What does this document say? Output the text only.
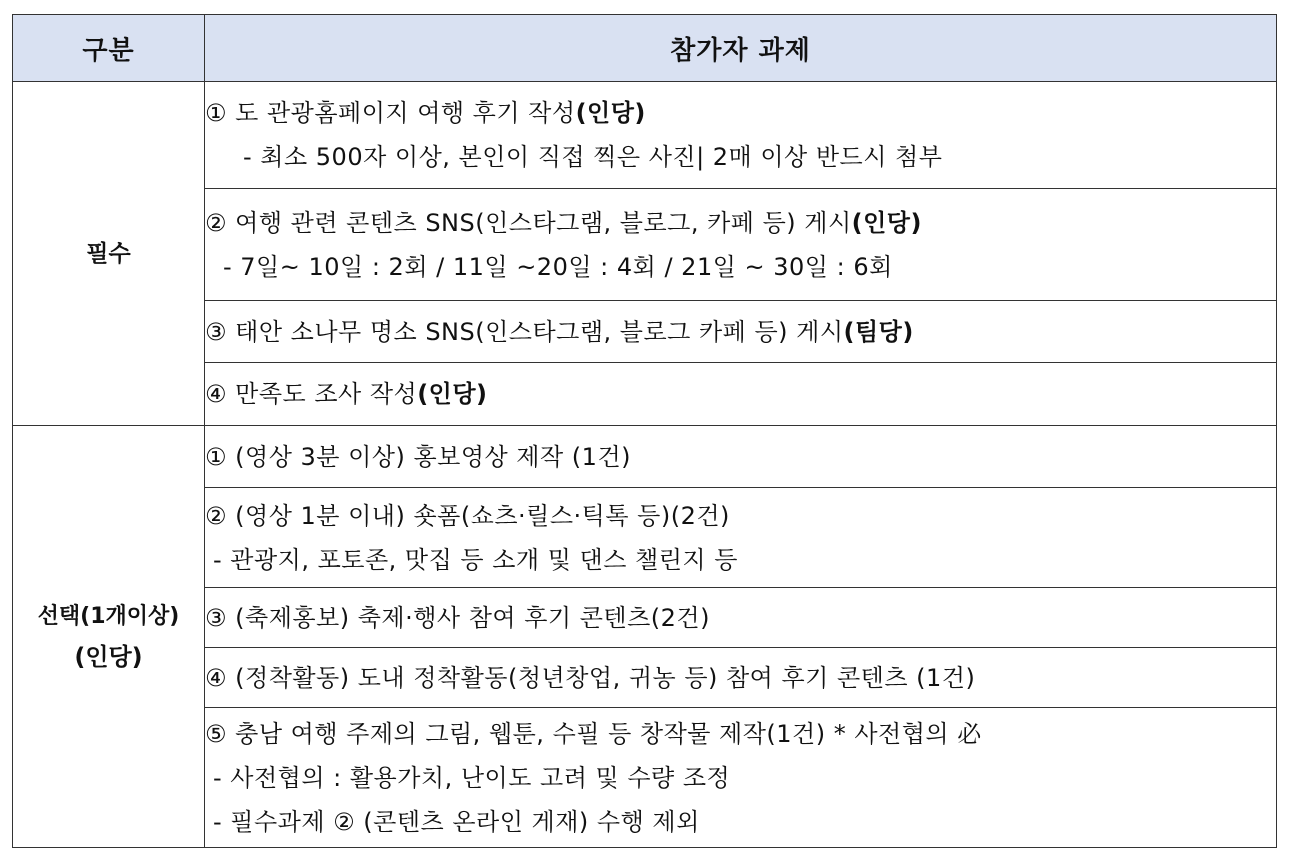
구분	참가자 과제
필수	① 도 관광홈페이지 여행 후기 작성(인당)
- 최소 500자 이상, 본인이 직접 찍은 사진| 2매 이상 반드시 첨부

	② 여행 관련 콘텐츠 SNS(인스타그램, 블로그, 카페 등) 게시(인당)
- 7일~ 10일 : 2회 / 11일 ~20일 : 4회 / 21일 ~ 30일 : 6회

	③ 태안 소나무 명소 SNS(인스타그램, 블로그 카페 등) 게시(팀당)

	④ 만족도 조사 작성(인당)

선택(1개이상)
(인당)	① (영상 3분 이상) 홍보영상 제작 (1건)

	② (영상 1분 이내) 숏폼(쇼츠·릴스·틱톡 등)(2건)
- 관광지, 포토존, 맛집 등 소개 및 댄스 챌린지 등

	③ (축제홍보) 축제·행사 참여 후기 콘텐츠(2건)

	④ (정착활동) 도내 정착활동(청년창업, 귀농 등) 참여 후기 콘텐츠 (1건)

	⑤ 충남 여행 주제의 그림, 웹툰, 수필 등 창작물 제작(1건) * 사전협의 必
- 사전협의 : 활용가치, 난이도 고려 및 수량 조정
- 필수과제 ② (콘텐츠 온라인 게재) 수행 제외
